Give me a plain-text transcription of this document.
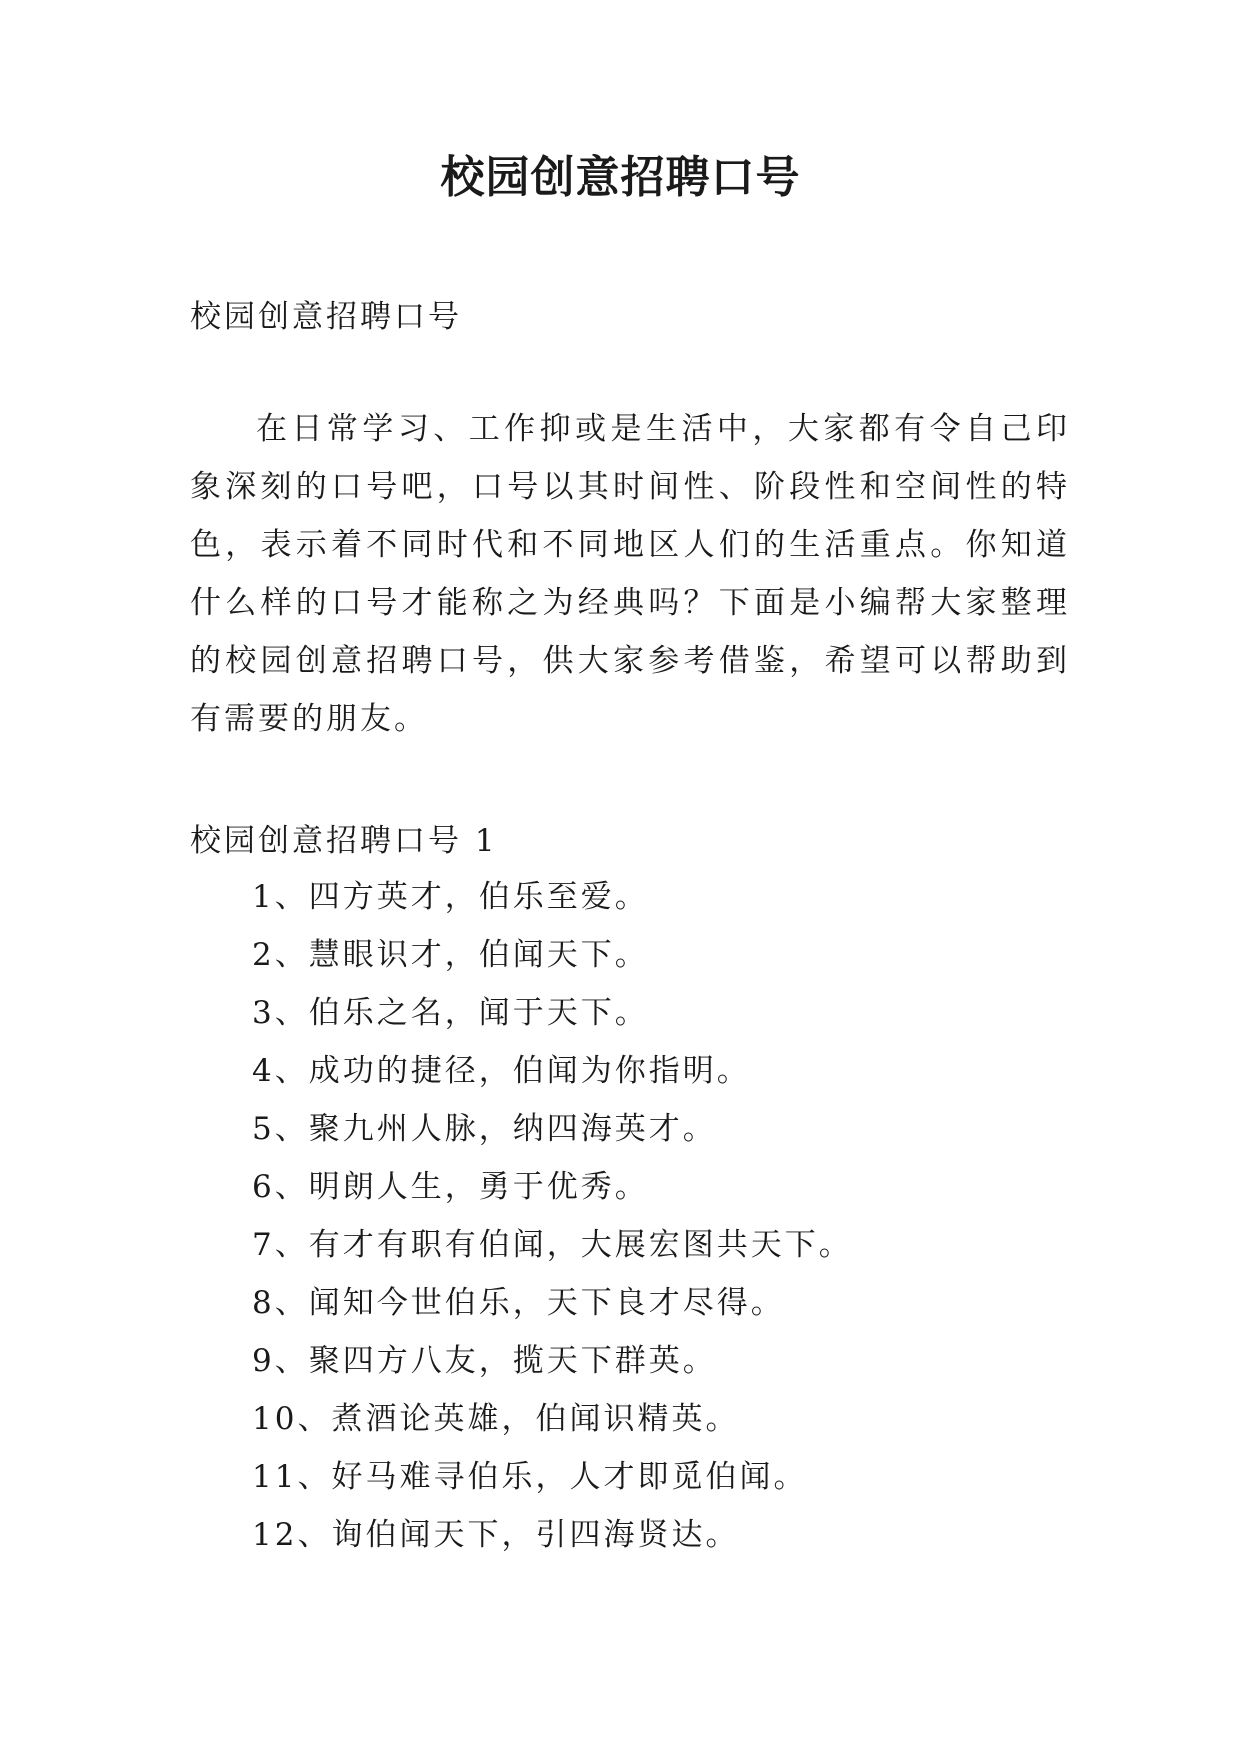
校园创意招聘口号
校园创意招聘口号
在日常学习、工作抑或是生活中，大家都有令自己印象深刻的口号吧，口号以其时间性、阶段性和空间性的特色，表示着不同时代和不同地区人们的生活重点。你知道什么样的口号才能称之为经典吗？下面是小编帮大家整理的校园创意招聘口号，供大家参考借鉴，希望可以帮助到有需要的朋友。
校园创意招聘口号 1
1、四方英才，伯乐至爱。
2、慧眼识才，伯闻天下。
3、伯乐之名，闻于天下。
4、成功的捷径，伯闻为你指明。
5、聚九州人脉，纳四海英才。
6、明朗人生，勇于优秀。
7、有才有职有伯闻，大展宏图共天下。
8、闻知今世伯乐，天下良才尽得。
9、聚四方八友，揽天下群英。
10、煮酒论英雄，伯闻识精英。
11、好马难寻伯乐，人才即觅伯闻。
12、询伯闻天下，引四海贤达。
